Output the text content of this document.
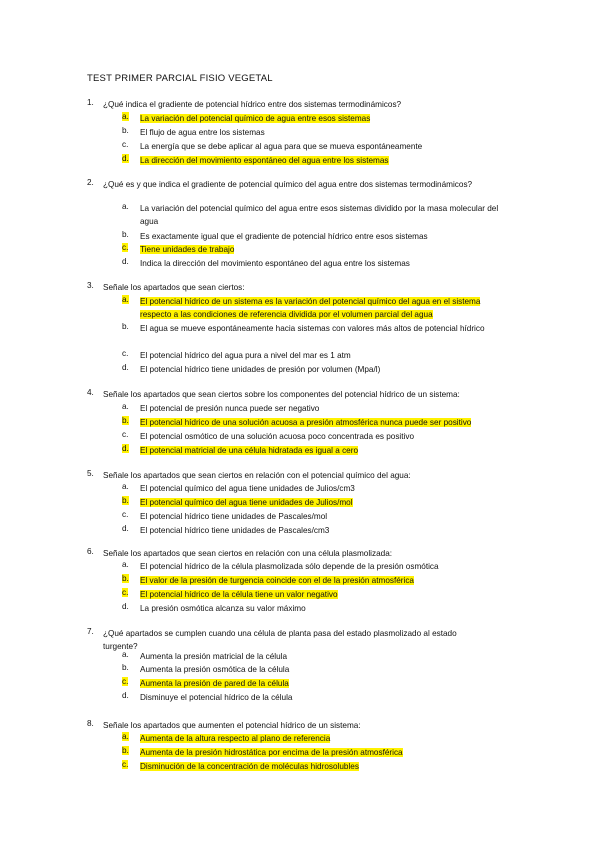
TEST PRIMER PARCIAL FISIO VEGETAL
1. ¿Qué indica el gradiente de potencial hídrico entre dos sistemas termodinámicos?
a. La variación del potencial químico de agua entre esos sistemas
b. El flujo de agua entre los sistemas
c. La energía que se debe aplicar al agua para que se mueva espontáneamente
d. La dirección del movimiento espontáneo del agua entre los sistemas
2. ¿Qué es y que indica el gradiente de potencial químico del agua entre dos sistemas termodinámicos?
a. La variación del potencial químico del agua entre esos sistemas dividido por la masa molecular del agua
b. Es exactamente igual que el gradiente de potencial hídrico entre esos sistemas
c. Tiene unidades de trabajo
d. Indica la dirección del movimiento espontáneo del agua entre los sistemas
3. Señale los apartados que sean ciertos:
a. El potencial hídrico de un sistema es la variación del potencial químico del agua en el sistema respecto a las condiciones de referencia dividida por el volumen parcial del agua
b. El agua se mueve espontáneamente hacia sistemas con valores más altos de potencial hídrico
c. El potencial hídrico del agua pura a nivel del mar es 1 atm
d. El potencial hídrico tiene unidades de presión por volumen (Mpa/l)
4. Señale los apartados que sean ciertos sobre los componentes del potencial hídrico de un sistema:
a. El potencial de presión nunca puede ser negativo
b. El potencial hídrico de una solución acuosa a presión atmosférica nunca puede ser positivo
c. El potencial osmótico de una solución acuosa poco concentrada es positivo
d. El potencial matricial de una célula hidratada es igual a cero
5. Señale los apartados que sean ciertos en relación con el potencial químico del agua:
a. El potencial químico del agua tiene unidades de Julios/cm3
b. El potencial químico del agua tiene unidades de Julios/mol
c. El potencial hídrico tiene unidades de Pascales/mol
d. El potencial hídrico tiene unidades de Pascales/cm3
6. Señale los apartados que sean ciertos en relación con una célula plasmolizada:
a. El potencial hídrico de la célula plasmolizada sólo depende de la presión osmótica
b. El valor de la presión de turgencia coincide con el de la presión atmosférica
c. El potencial hídrico de la célula tiene un valor negativo
d. La presión osmótica alcanza su valor máximo
7. ¿Qué apartados se cumplen cuando una célula de planta pasa del estado plasmolizado al estado turgente?
a. Aumenta la presión matricial de la célula
b. Aumenta la presión osmótica de la célula
c. Aumenta la presión de pared de la célula
d. Disminuye el potencial hídrico de la célula
8. Señale los apartados que aumenten el potencial hídrico de un sistema:
a. Aumenta de la altura respecto al plano de referencia
b. Aumenta de la presión hidrostática por encima de la presión atmosférica
c. Disminución de la concentración de moléculas hidrosolubles
